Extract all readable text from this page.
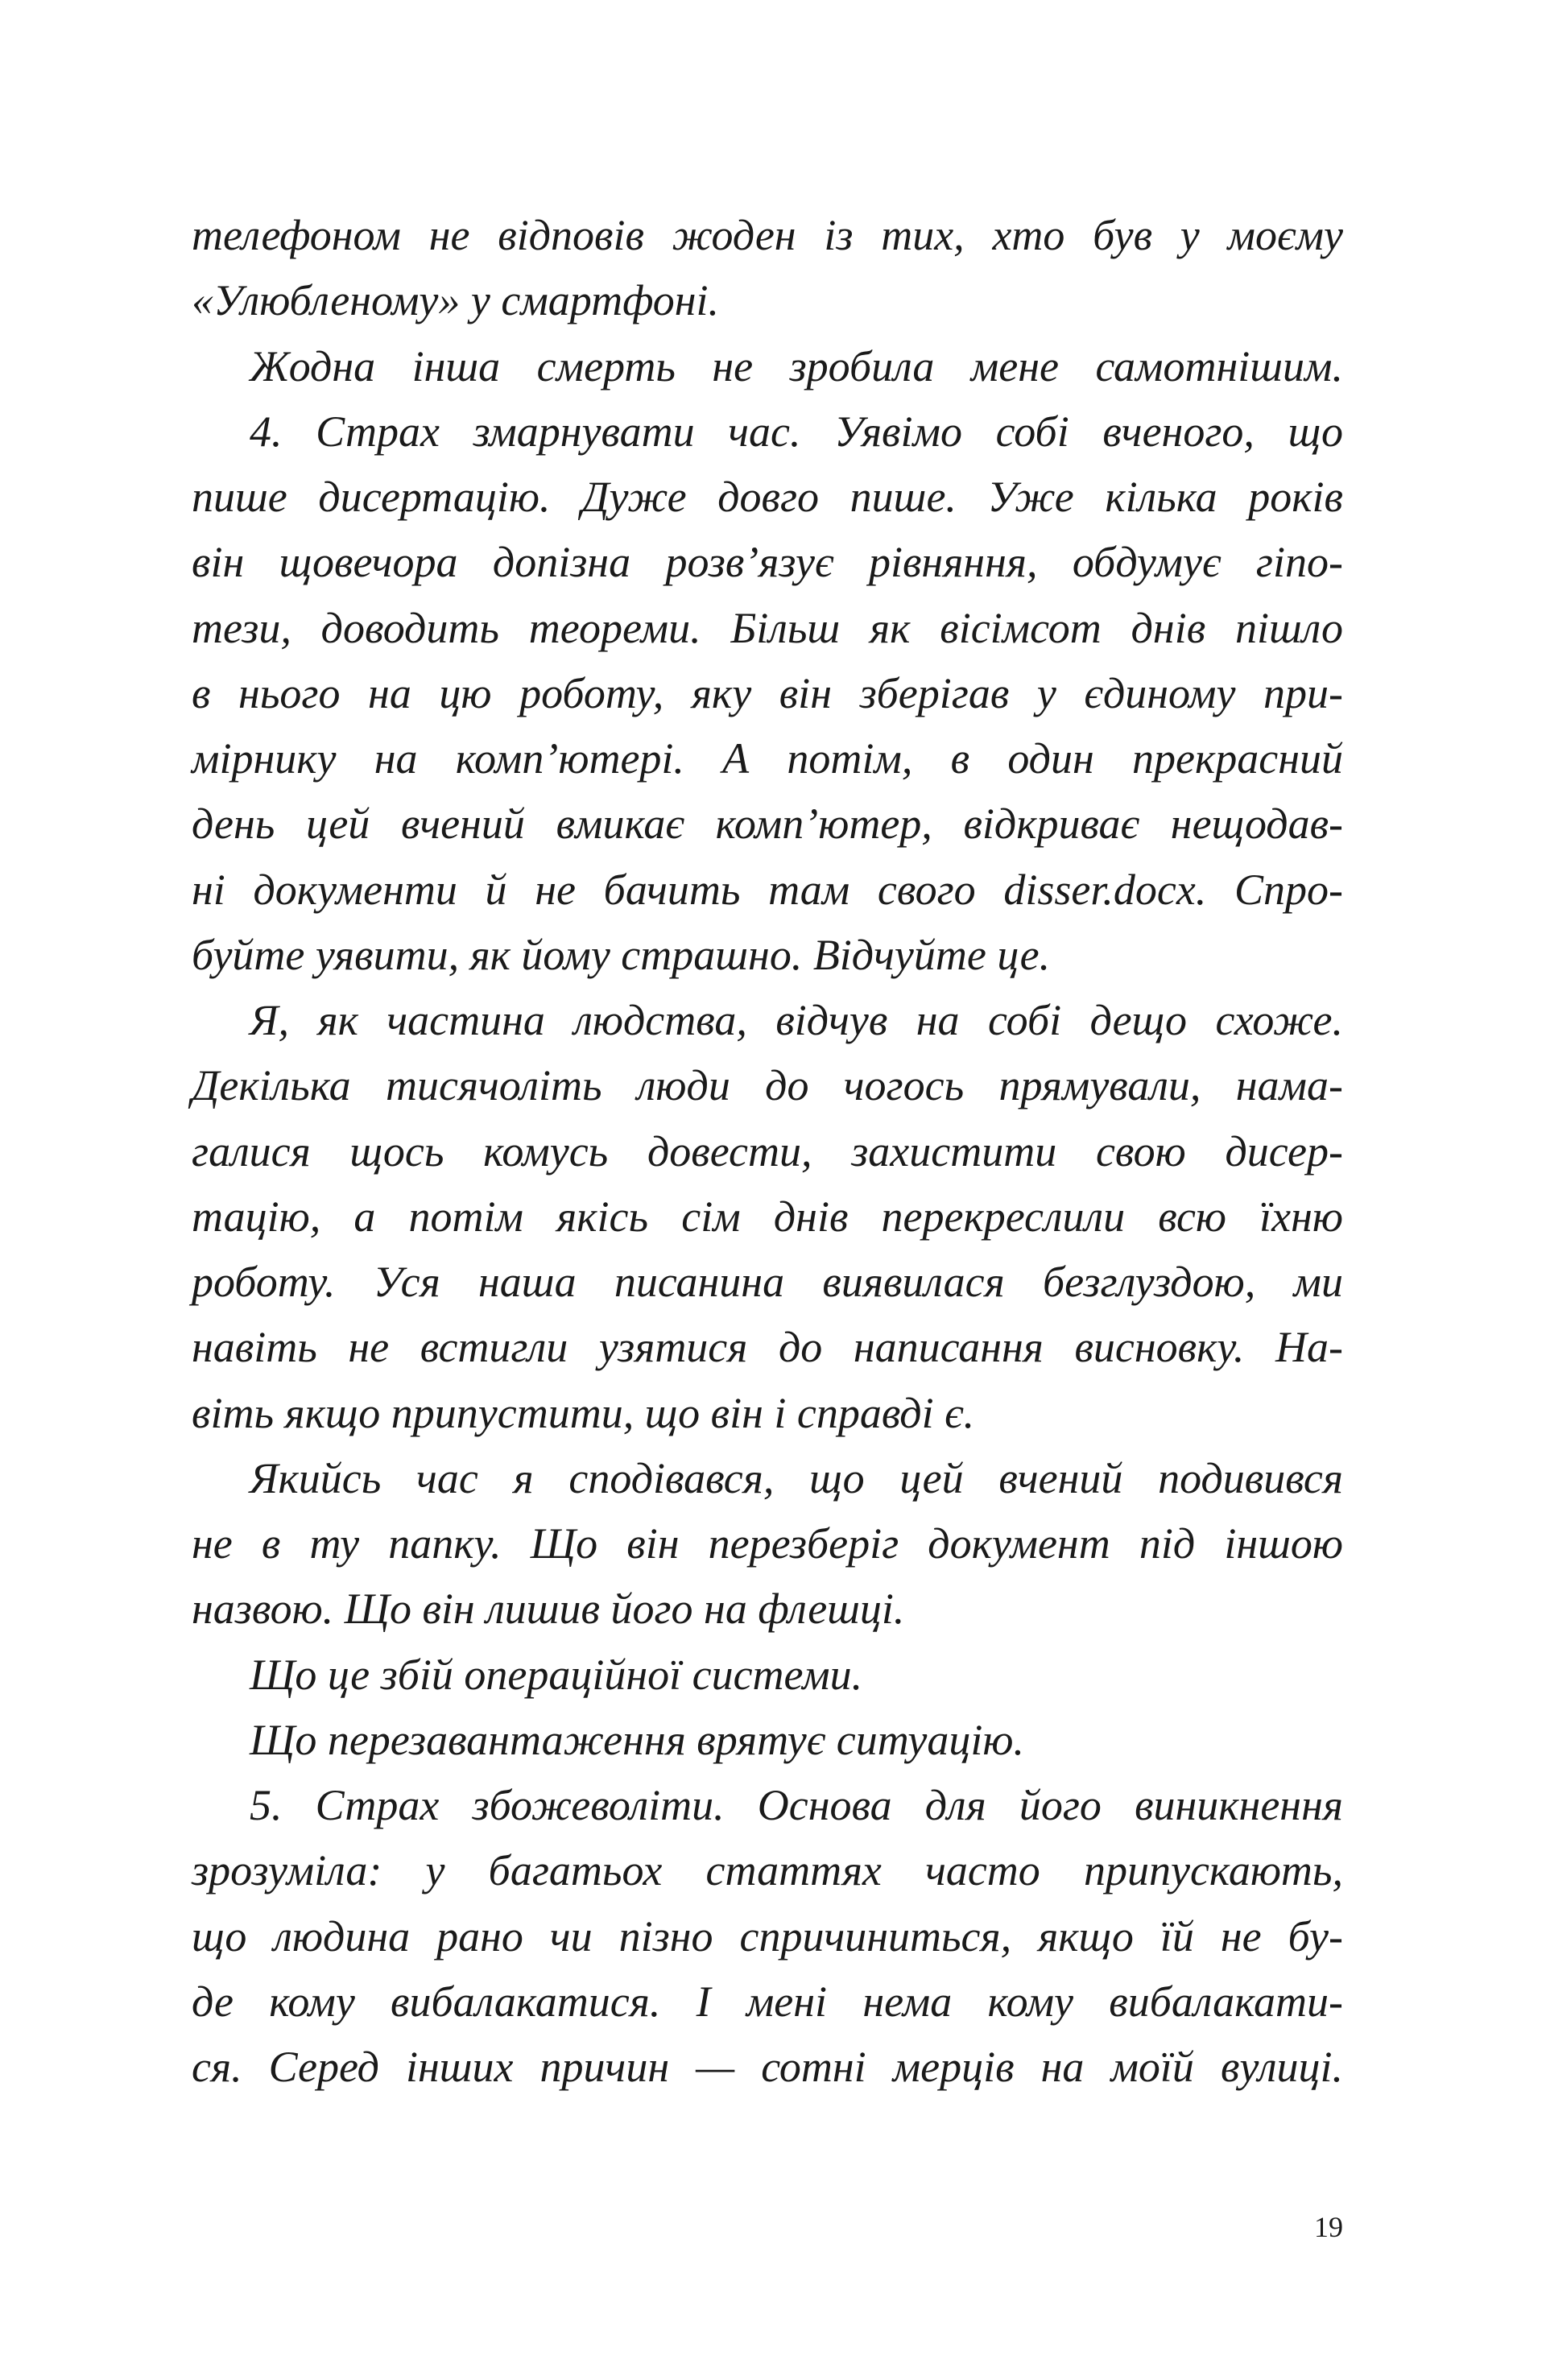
телефоном не відповів жоден із тих, хто був у моєму
«Улюбленому» у смартфоні.
Жодна інша смерть не зробила мене самотнішим.
4. Страх змарнувати час. Уявімо собі вченого, що
пише дисертацію. Дуже довго пише. Уже кілька років
він щовечора допізна розв’язує рівняння, обдумує гіпо-
тези, доводить теореми. Більш як вісімсот днів пішло
в нього на цю роботу, яку він зберігав у єдиному при-
мірнику на комп’ютері. А потім, в один прекрасний
день цей вчений вмикає комп’ютер, відкриває нещодав-
ні документи й не бачить там свого disser.docx. Спро-
буйте уявити, як йому страшно. Відчуйте це.
Я, як частина людства, відчув на собі дещо схоже.
Декілька тисячоліть люди до чогось прямували, нама-
галися щось комусь довести, захистити свою дисер-
тацію, а потім якісь сім днів перекреслили всю їхню
роботу. Уся наша писанина виявилася безглуздою, ми
навіть не встигли узятися до написання висновку. На-
віть якщо припустити, що він і справді є.
Якийсь час я сподівався, що цей вчений подивився
не в ту папку. Що він перезберіг документ під іншою
назвою. Що він лишив його на флешці.
Що це збій операційної системи.
Що перезавантаження врятує ситуацію.
5. Страх збожеволіти. Основа для його виникнення
зрозуміла: у багатьох статтях часто припускають,
що людина рано чи пізно спричиниться, якщо їй не бу-
де кому вибалакатися. І мені нема кому вибалакати-
ся. Серед інших причин — сотні мерців на моїй вулиці.
19
